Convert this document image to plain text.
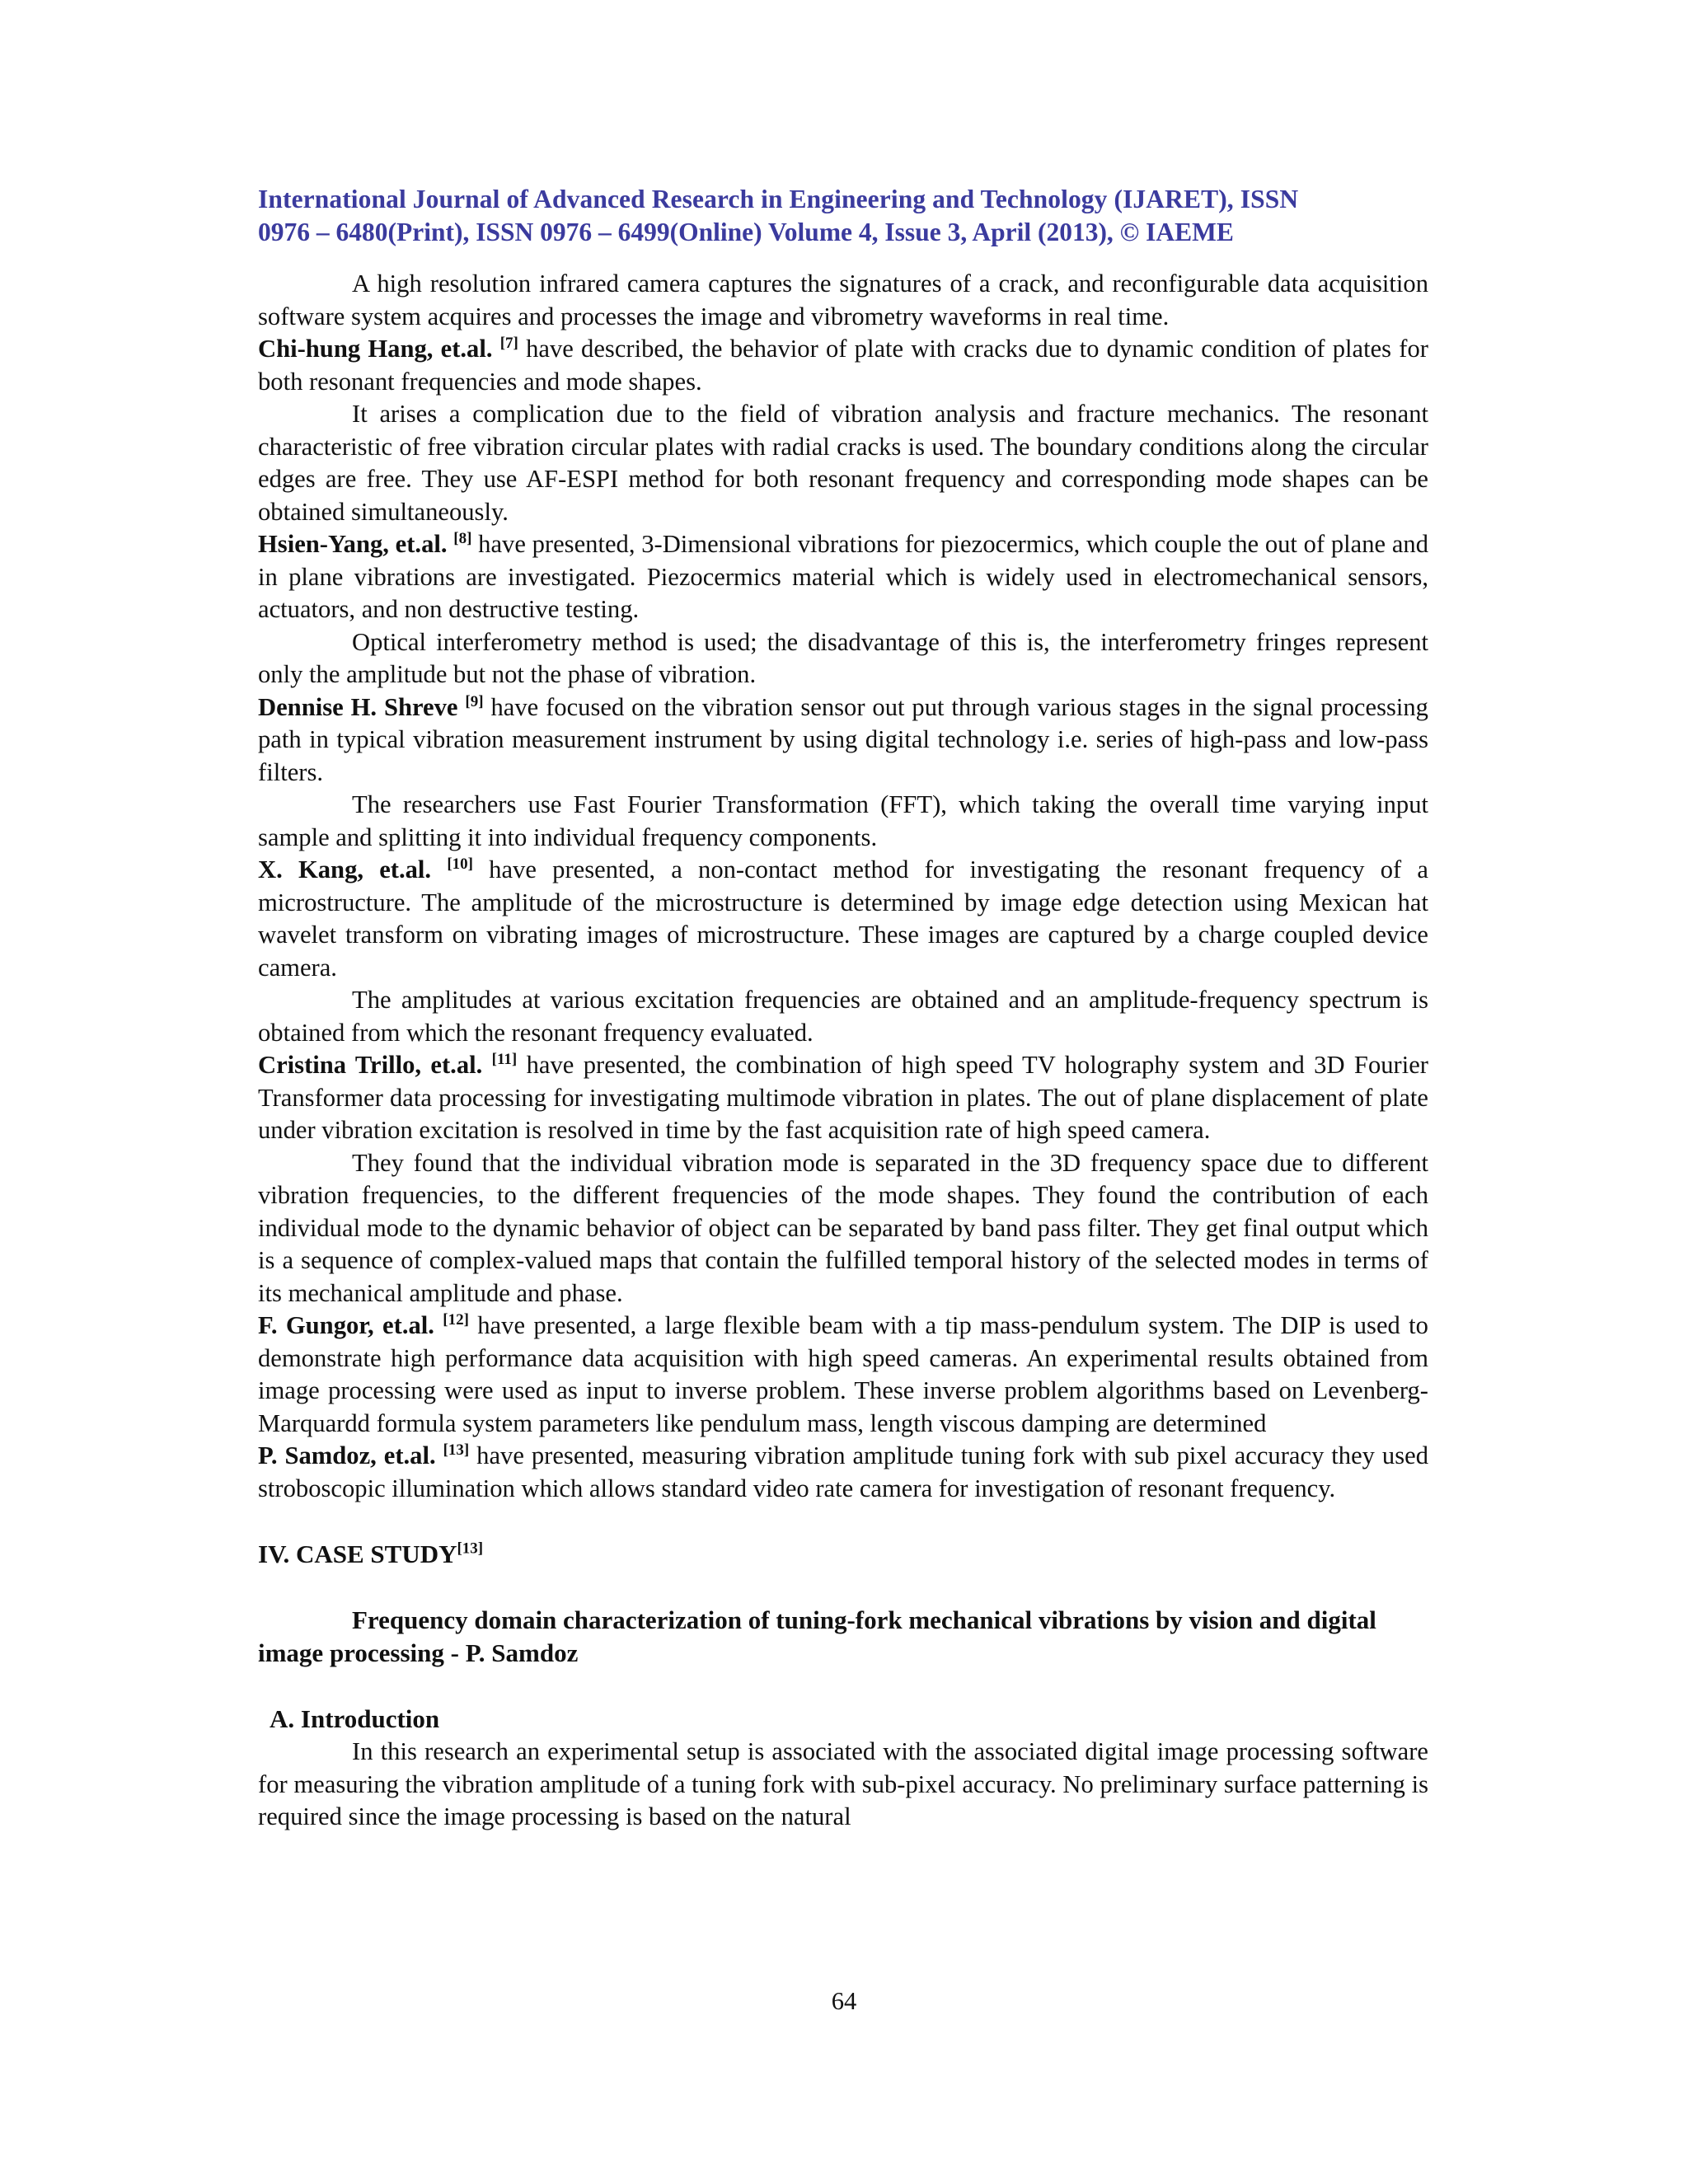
International Journal of Advanced Research in Engineering and Technology (IJARET), ISSN

0976 – 6480(Print), ISSN 0976 – 6499(Online) Volume 4, Issue 3, April (2013), © IAEME

A high resolution infrared camera captures the signatures of a crack, and reconfigurable data acquisition software system acquires and processes the image and vibrometry waveforms in real time.

Chi-hung Hang, et.al. [7] have described, the behavior of plate with cracks due to dynamic condition of plates for both resonant frequencies and mode shapes.

It arises a complication due to the field of vibration analysis and fracture mechanics. The resonant characteristic of free vibration circular plates with radial cracks is used. The boundary conditions along the circular edges are free. They use AF-ESPI method for both resonant frequency and corresponding mode shapes can be obtained simultaneously.

Hsien-Yang, et.al. [8] have presented, 3-Dimensional vibrations for piezocermics, which couple the out of plane and in plane vibrations are investigated. Piezocermics material which is widely used in electromechanical sensors, actuators, and non destructive testing.

Optical interferometry method is used; the disadvantage of this is, the interferometry fringes represent only the amplitude but not the phase of vibration.

Dennise H. Shreve [9] have focused on the vibration sensor out put through various stages in the signal processing path in typical vibration measurement instrument by using digital technology i.e. series of high-pass and low-pass filters.

The researchers use Fast Fourier Transformation (FFT), which taking the overall time varying input sample and splitting it into individual frequency components.

X. Kang, et.al. [10] have presented, a non-contact method for investigating the resonant frequency of a microstructure. The amplitude of the microstructure is determined by image edge detection using Mexican hat wavelet transform on vibrating images of microstructure. These images are captured by a charge coupled device camera.

The amplitudes at various excitation frequencies are obtained and an amplitude-frequency spectrum is obtained from which the resonant frequency evaluated.

Cristina Trillo, et.al. [11] have presented, the combination of high speed TV holography system and 3D Fourier Transformer data processing for investigating multimode vibration in plates. The out of plane displacement of plate under vibration excitation is resolved in time by the fast acquisition rate of high speed camera.

They found that the individual vibration mode is separated in the 3D frequency space due to different vibration frequencies, to the different frequencies of the mode shapes. They found the contribution of each individual mode to the dynamic behavior of object can be separated by band pass filter. They get final output which is a sequence of complex-valued maps that contain the fulfilled temporal history of the selected modes in terms of its mechanical amplitude and phase.

F. Gungor, et.al. [12] have presented, a large flexible beam with a tip mass-pendulum system. The DIP is used to demonstrate high performance data acquisition with high speed cameras. An experimental results obtained from image processing were used as input to inverse problem. These inverse problem algorithms based on Levenberg-Marquardd formula system parameters like pendulum mass, length viscous damping are determined

P. Samdoz, et.al. [13] have presented, measuring vibration amplitude tuning fork with sub pixel accuracy they used stroboscopic illumination which allows standard video rate camera for investigation of resonant frequency.

IV. CASE STUDY[13]

Frequency domain characterization of tuning-fork mechanical vibrations by vision and digital image processing - P. Samdoz

A. Introduction

In this research an experimental setup is associated with the associated digital image processing software for measuring the vibration amplitude of a tuning fork with sub-pixel accuracy. No preliminary surface patterning is required since the image processing is based on the natural

64
